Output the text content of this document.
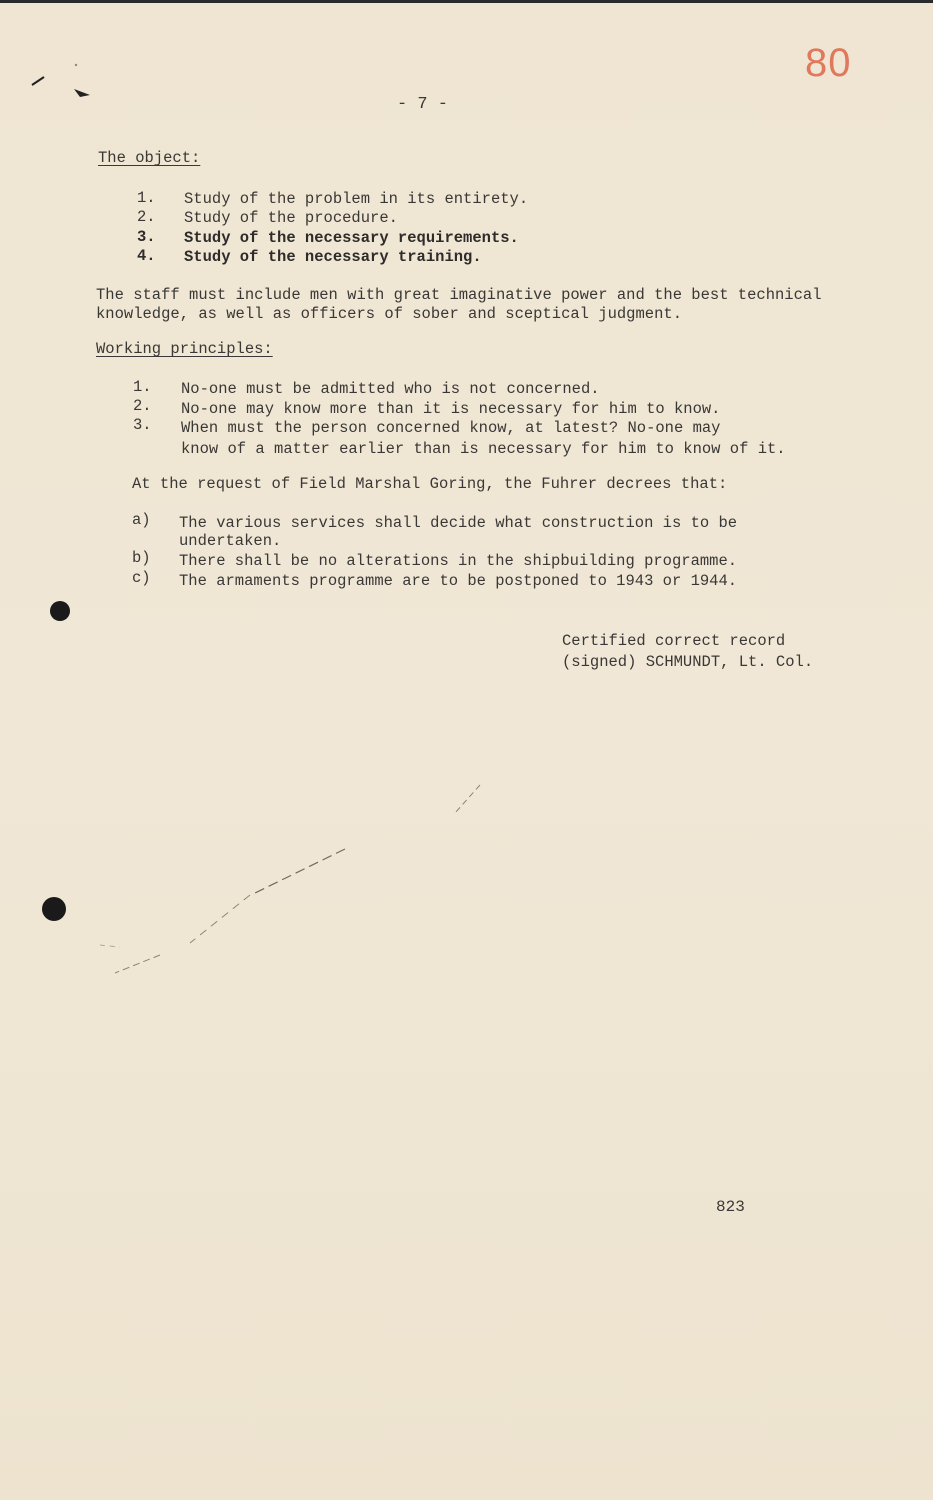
80
- 7 -
The object:
1. Study of the problem in its entirety.
2. Study of the procedure.
3. Study of the necessary requirements.
4. Study of the necessary training.
The staff must include men with great imaginative power and the best technical
knowledge, as well as officers of sober and sceptical judgment.
Working principles:
1. No-one must be admitted who is not concerned.
2. No-one may know more than it is necessary for him to know.
3. When must the person concerned know, at latest? No-one may
know of a matter earlier than is necessary for him to know of it.
At the request of Field Marshal Goring, the Fuhrer decrees that:
a) The various services shall decide what construction is to be
undertaken.
b) There shall be no alterations in the shipbuilding programme.
c) The armaments programme are to be postponed to 1943 or 1944.
Certified correct record
(signed) SCHMUNDT, Lt. Col.
823
